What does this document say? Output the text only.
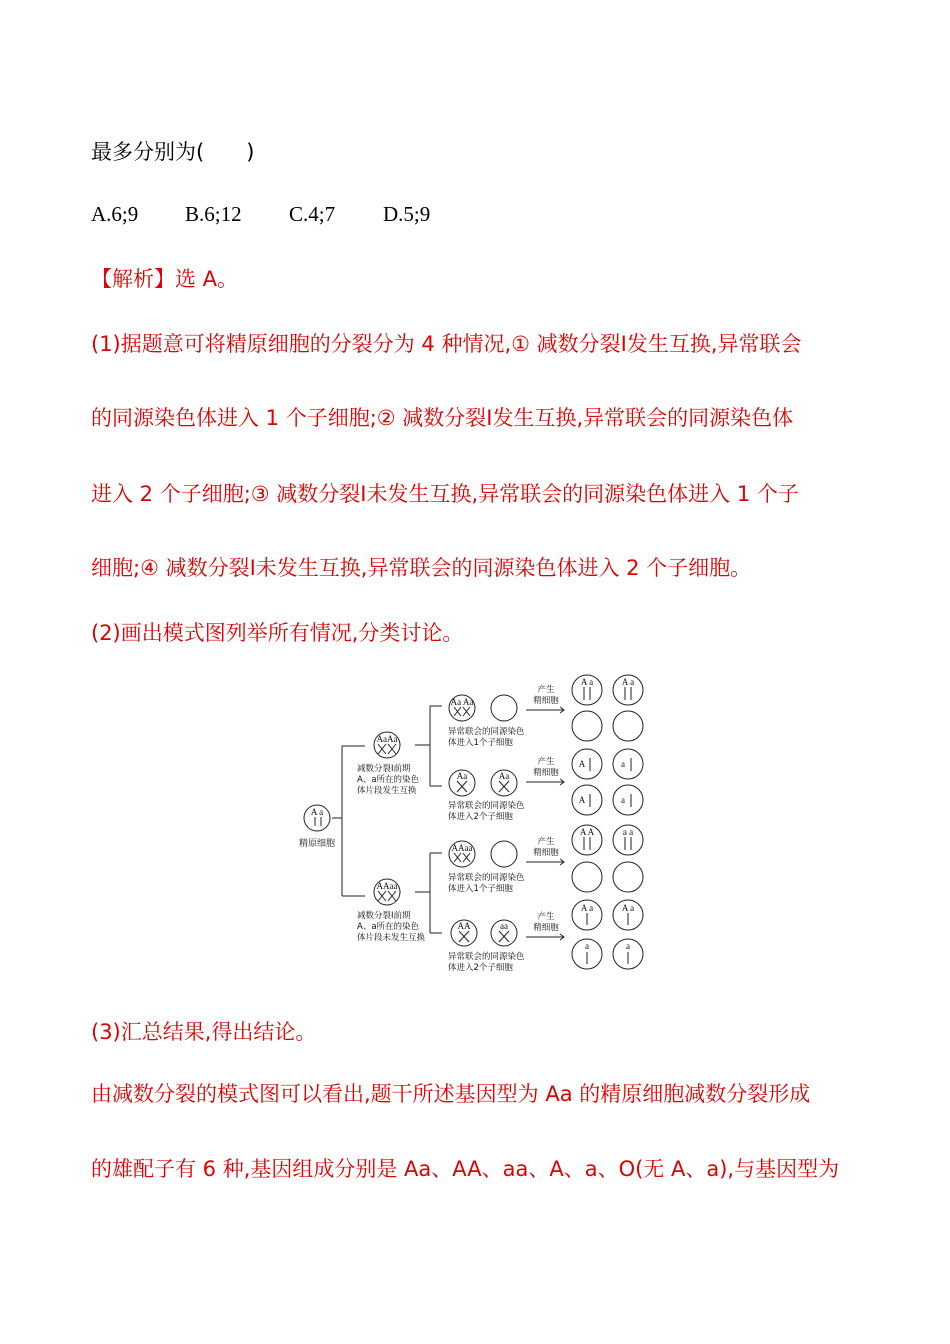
最多分别为(　　)
A.6;9 B.6;12 C.4;7 D.5;9
【解析】选 A。
(1)据题意可将精原细胞的分裂分为 4 种情况,① 减数分裂Ⅰ发生互换,异常联会
的同源染色体进入 1 个子细胞;② 减数分裂Ⅰ发生互换,异常联会的同源染色体
进入 2 个子细胞;③ 减数分裂Ⅰ未发生互换,异常联会的同源染色体进入 1 个子
细胞;④ 减数分裂Ⅰ未发生互换,异常联会的同源染色体进入 2 个子细胞。
(2)画出模式图列举所有情况,分类讨论。
A a
精原细胞
AaAa
减数分裂Ⅰ前期
A、a所在的染色
体片段发生互换
AAaa
减数分裂Ⅰ前期
A、a所在的染色
体片段未发生互换
Aa Aa
异常联会的同源染色
体进入1个子细胞
Aa	Aa
异常联会的同源染色
体进入2个子细胞
AAaa
异常联会的同源染色
体进入1个子细胞
AA	aa
异常联会的同源染色
体进入2个子细胞
产生
精细胞
产生
精细胞
产生
精细胞
产生
精细胞
A a	A a
A	a
A	a
A A	a a
A a	A a
a	a
(3)汇总结果,得出结论。
由减数分裂的模式图可以看出,题干所述基因型为 Aa 的精原细胞减数分裂形成
的雄配子有 6 种,基因组成分别是 Aa、AA、aa、A、a、O(无 A、a),与基因型为
